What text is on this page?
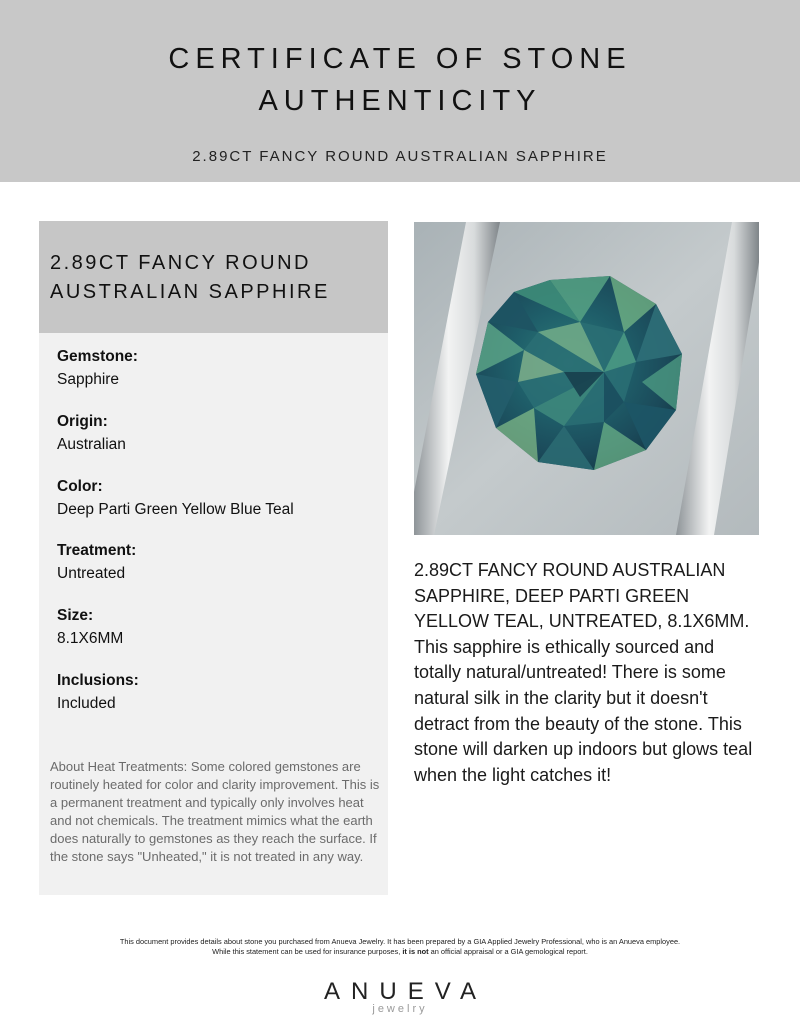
CERTIFICATE OF STONE
AUTHENTICITY
2.89CT FANCY ROUND AUSTRALIAN SAPPHIRE
2.89CT FANCY ROUND AUSTRALIAN SAPPHIRE
Gemstone:
Sapphire
Origin:
Australian
Color:
Deep Parti Green Yellow Blue Teal
Treatment:
Untreated
Size:
8.1X6MM
Inclusions:
Included
About Heat Treatments: Some colored gemstones are routinely heated for color and clarity improvement. This is a permanent treatment and typically only involves heat and not chemicals. The treatment mimics what the earth does naturally to gemstones as they reach the surface. If the stone says "Unheated," it is not treated in any way.
2.89CT FANCY ROUND AUSTRALIAN SAPPHIRE, DEEP PARTI GREEN YELLOW TEAL, UNTREATED, 8.1X6MM. This sapphire is ethically sourced and totally natural/untreated! There is some natural silk in the clarity but it doesn't detract from the beauty of the stone. This stone will darken up indoors but glows teal when the light catches it!
This document provides details about stone you purchased from Anueva Jewelry. It has been prepared by a GIA Applied Jewelry Professional, who is an Anueva employee.
While this statement can be used for insurance purposes, it is not an official appraisal or a GIA gemological report.
ANUEVA
jewelry
